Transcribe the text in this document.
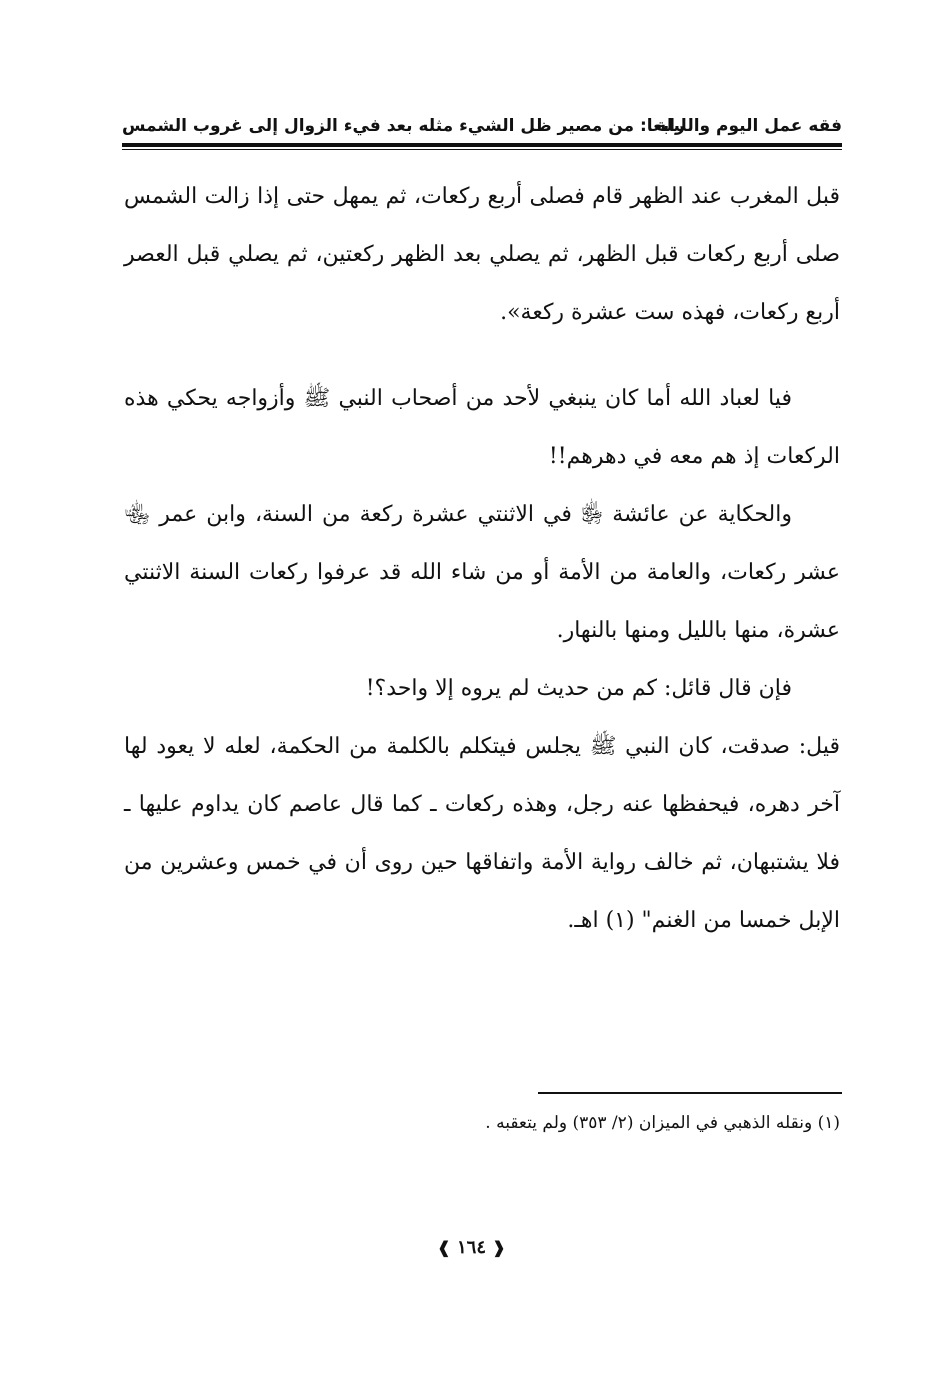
فقه عمل اليوم والليلة
رابعا: من مصير ظل الشيء مثله بعد فيء الزوال إلى غروب الشمس

قبل المغرب عند الظهر قام فصلى أربع ركعات، ثم يمهل حتى إذا زالت الشمس صلى أربع ركعات قبل الظهر، ثم يصلي بعد الظهر ركعتين، ثم يصلي قبل العصر أربع ركعات، فهذه ست عشرة ركعة».

فيا لعباد الله أما كان ينبغي لأحد من أصحاب النبي ﷺ وأزواجه يحكي هذه الركعات إذ هم معه في دهرهم!!

والحكاية عن عائشة ﵂ في الاثنتي عشرة ركعة من السنة، وابن عمر ﵄ عشر ركعات، والعامة من الأمة أو من شاء الله قد عرفوا ركعات السنة الاثنتي عشرة، منها بالليل ومنها بالنهار.

فإن قال قائل: كم من حديث لم يروه إلا واحد؟!

قيل: صدقت، كان النبي ﷺ يجلس فيتكلم بالكلمة من الحكمة، لعله لا يعود لها آخر دهره، فيحفظها عنه رجل، وهذه ركعات ـ كما قال عاصم كان يداوم عليها ـ فلا يشتبهان، ثم خالف رواية الأمة واتفاقها حين روى أن في خمس وعشرين من الإبل خمسا من الغنم" (١) اهـ.

(١) ونقله الذهبي في الميزان (٢/ ٣٥٣) ولم يتعقبه .
❰ ١٦٤ ❱
